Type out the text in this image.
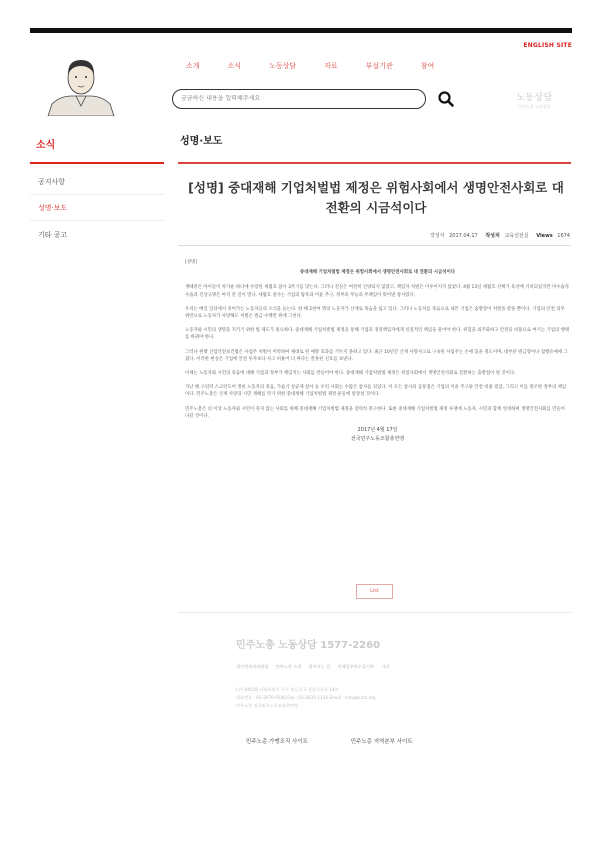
ENGLISH SITE
소개	소식	노동상담	자료	부설기관	참여
궁금하신 내용을 입력해주세요
노동상담
민주노총 노동상담
소식
공지사항
성명·보도
기타 공고
성명·보도
[성명] 중대재해 기업처벌법 제정은 위험사회에서 생명안전사회로 대 전환의 시금석이다
작성자 2017.04.17 작성처 교육선전실 Views 1674

[성명]

중대재해 기업처벌법 제정은 위험사회에서 생명안전사회로 대 전환의 시금석이다

생때같은 아이들이 차가운 바다에 수장된 세월호 참사 3주기를 맞는다. 그러나 진실은 여전히 인양되지 않았고, 책임자 처벌은 이루어지지 않았다. 4월 13일 세월호 선체가 육상에 거치되었지만 미수습자 수습과 진상규명은 아직 갈 길이 멀다. 세월호 참사는 기업의 탐욕과 이윤 추구, 정부의 무능과 무책임이 빚어낸 참사였다.

우리는 매일 일터에서 죽어가는 노동자들의 소식을 듣는다. 한 해 2천여 명의 노동자가 산재로 목숨을 잃고 있다. 그러나 노동자를 죽음으로 내몬 기업은 솜방망이 처벌을 받을 뿐이다. 기업의 안전 의무 위반으로 노동자가 사망해도 처벌은 벌금 수백만 원에 그친다.

노동자와 시민의 생명을 지키기 위한 법 제도가 필요하다. 중대재해 기업처벌법 제정을 통해 기업과 경영책임자에게 실질적인 책임을 물어야 한다. 위험을 외주화하고 안전을 비용으로 여기는 기업의 행태를 바꿔야 한다.

그러나 현행 산업안전보건법은 사업주 처벌이 미약하여 제대로 된 예방 효과를 거두지 못하고 있다. 최근 10년간 산재 사망사고로 구속된 사업주는 손에 꼽을 정도이며, 대부분 벌금형이나 집행유예에 그쳤다. 이러한 현실은 기업에 안전 투자보다 사고 비용이 더 싸다는 잘못된 신호를 보낸다.

이제는 노동자와 시민의 죽음에 대해 기업과 정부가 책임지는 사회를 만들어야 한다. 중대재해 기업처벌법 제정은 위험사회에서 생명안전사회로 전환하는 출발점이 될 것이다.

지난 해 구의역 스크린도어 정비 노동자의 죽음, 가습기 살균제 참사 등 우리 사회는 수많은 참사를 겪었다. 이 모든 참사의 공통점은 기업의 이윤 추구와 안전 비용 절감, 그리고 이를 방조한 정부의 책임이다. 민주노총은 산재 사망과 시민 재해를 막기 위한 중대재해 기업처벌법 제정 운동에 앞장설 것이다.

민주노총은 더 이상 노동자와 시민이 죽지 않는 사회를 위해 중대재해 기업처벌법 제정을 강력히 촉구한다. 또한 중대재해 기업처벌법 제정 투쟁에 노동자, 시민과 함께 연대하며 생명안전사회를 만들어 나갈 것이다.

2017년 4월 17일

전국민주노동조합총연맹

List
민주노총 노동상담 1577-2260
개인정보처리방침 민주노총 소개 찾아오는 길 이메일무단수집거부 기타
(우) 04518 서울특별시 중구 정동길 3 경향신문사 14층
대표번호 : 02-2670-9100 Fax : 02-2635-1134 Email : kctu@kctu.org
민주노총 전국민주노동조합총연맹
민주노총 가맹조직 사이트	민주노총 지역본부 사이트
